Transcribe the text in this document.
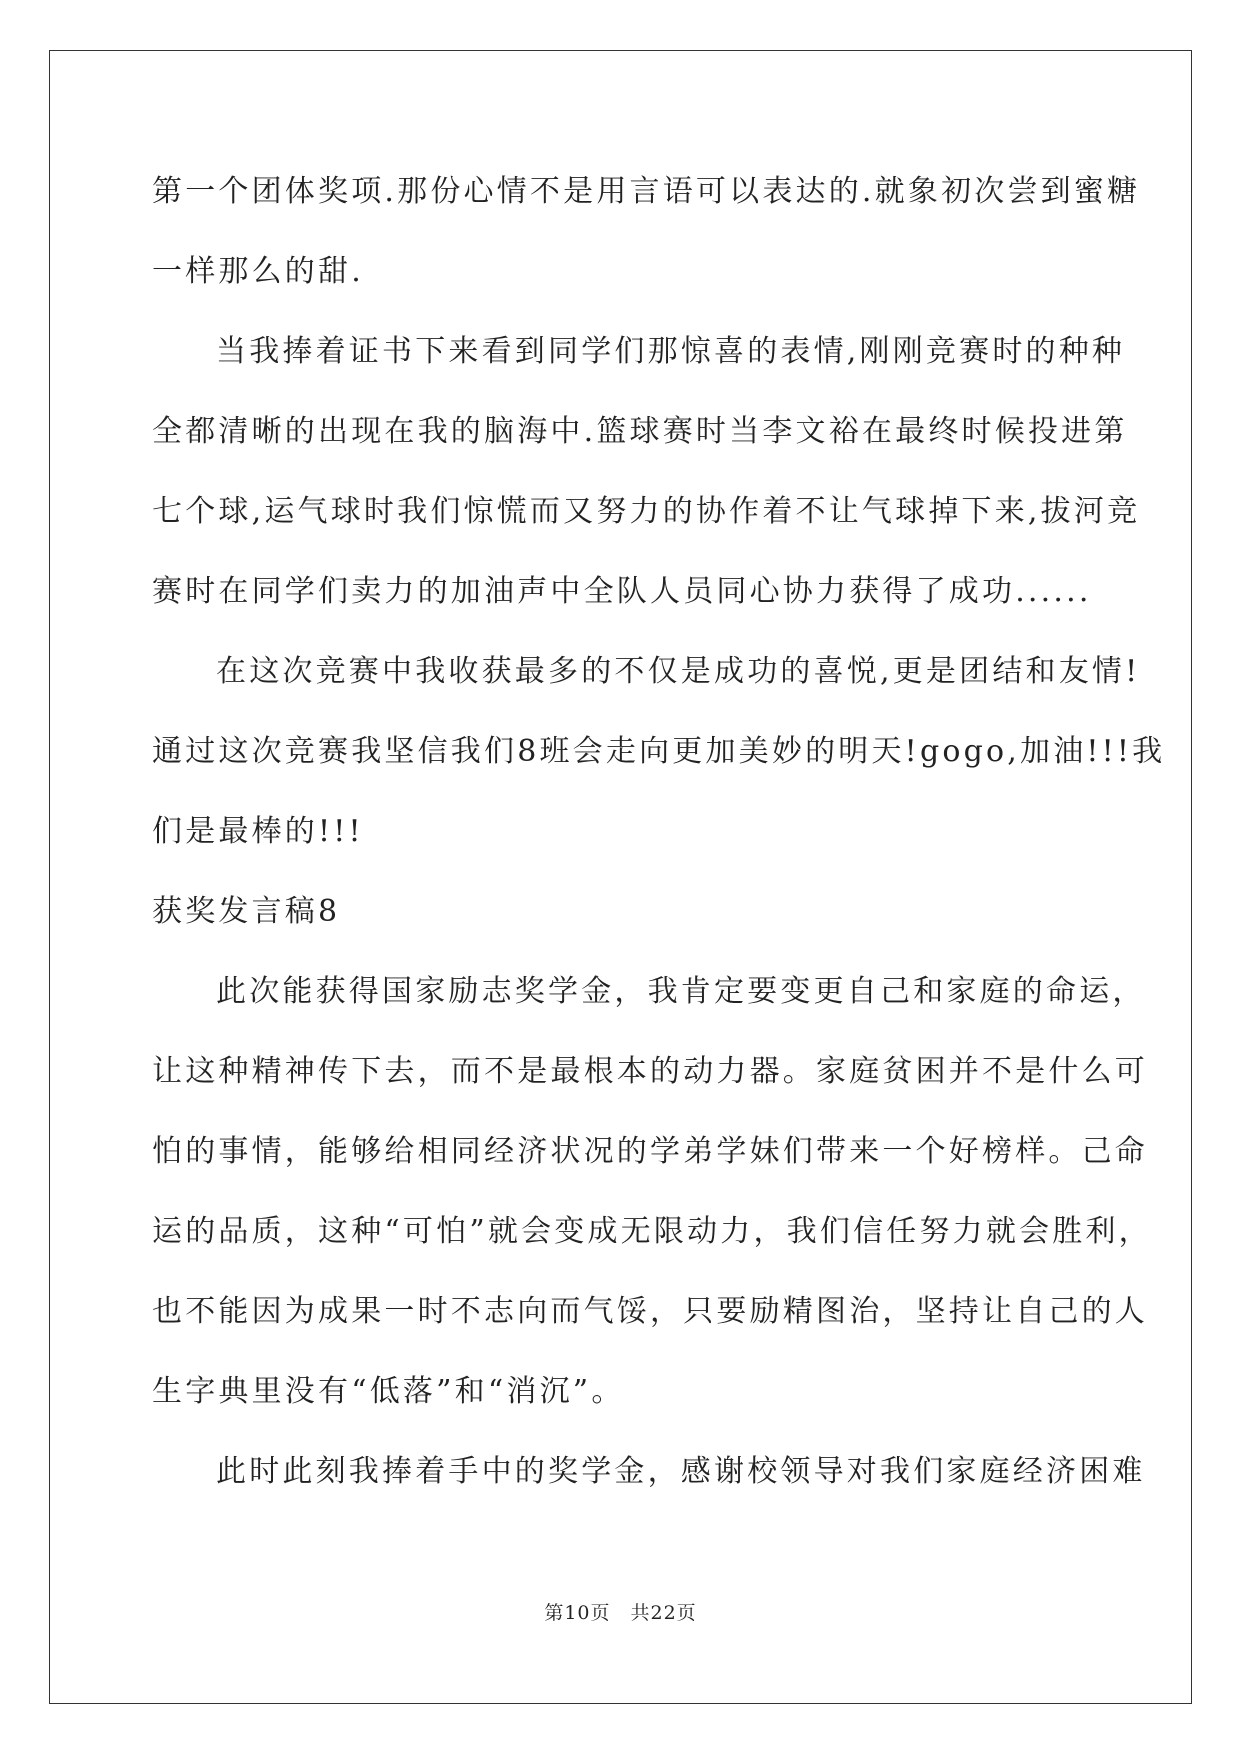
第一个团体奖项.那份心情不是用言语可以表达的.就象初次尝到蜜糖
一样那么的甜.
当我捧着证书下来看到同学们那惊喜的表情,刚刚竞赛时的种种
全都清晰的出现在我的脑海中.篮球赛时当李文裕在最终时候投进第
七个球,运气球时我们惊慌而又努力的协作着不让气球掉下来,拔河竞
赛时在同学们卖力的加油声中全队人员同心协力获得了成功......
在这次竞赛中我收获最多的不仅是成功的喜悦,更是团结和友情!
通过这次竞赛我坚信我们8班会走向更加美妙的明天!gogo,加油!!!我
们是最棒的!!!
获奖发言稿8
此次能获得国家励志奖学金，我肯定要变更自己和家庭的命运，
让这种精神传下去，而不是最根本的动力器。家庭贫困并不是什么可
怕的事情，能够给相同经济状况的学弟学妹们带来一个好榜样。己命
运的品质，这种“可怕”就会变成无限动力，我们信任努力就会胜利，
也不能因为成果一时不志向而气馁，只要励精图治，坚持让自己的人
生字典里没有“低落”和“消沉”。
此时此刻我捧着手中的奖学金，感谢校领导对我们家庭经济困难
第10页 共22页
